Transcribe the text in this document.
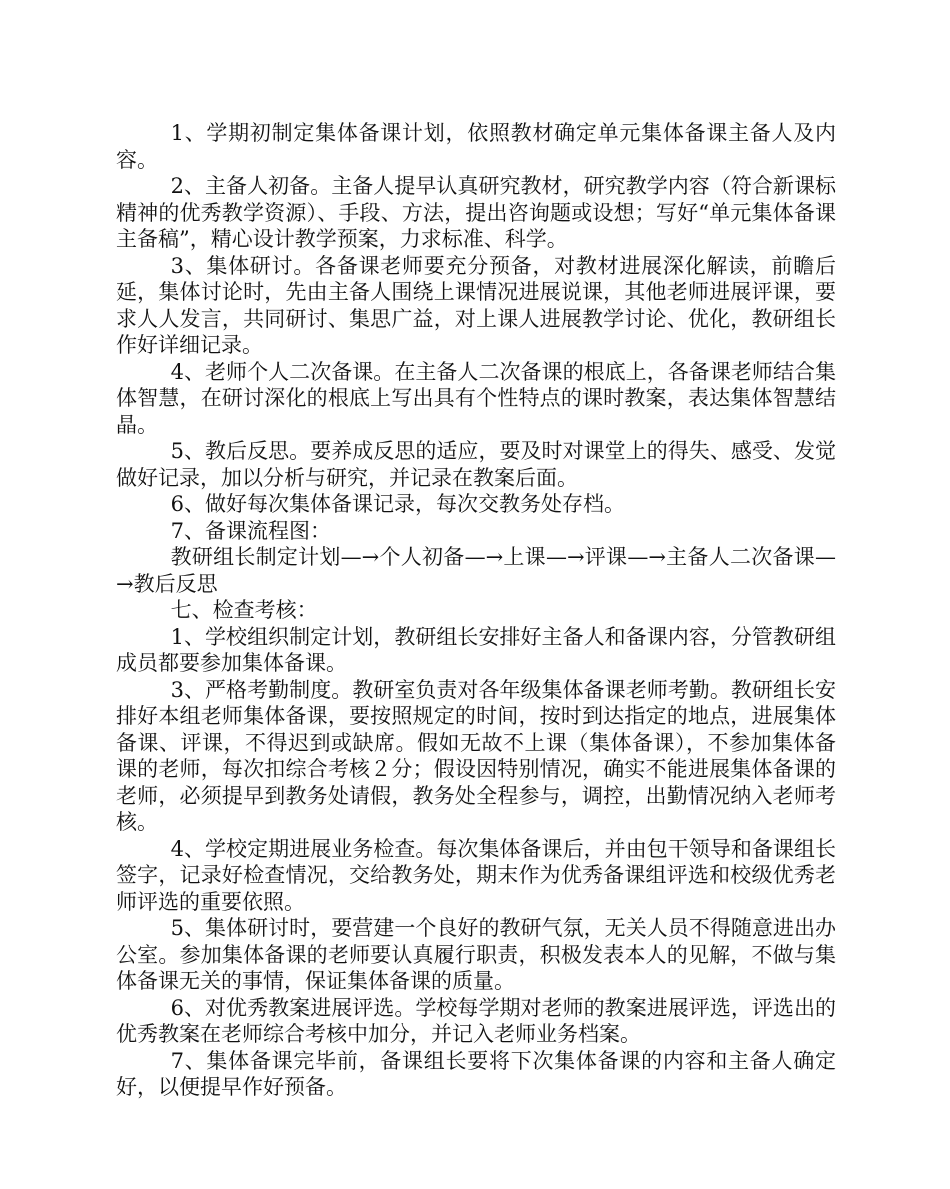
1、学期初制定集体备课计划，依照教材确定单元集体备课主备人及内容。

2、主备人初备。主备人提早认真研究教材，研究教学内容（符合新课标精神的优秀教学资源）、手段、方法，提出咨询题或设想；写好“单元集体备课主备稿”，精心设计教学预案，力求标准、科学。

3、集体研讨。各备课老师要充分预备，对教材进展深化解读，前瞻后延，集体讨论时，先由主备人围绕上课情况进展说课，其他老师进展评课，要求人人发言，共同研讨、集思广益，对上课人进展教学讨论、优化，教研组长作好详细记录。

4、老师个人二次备课。在主备人二次备课的根底上，各备课老师结合集体智慧，在研讨深化的根底上写出具有个性特点的课时教案，表达集体智慧结晶。

5、教后反思。要养成反思的适应，要及时对课堂上的得失、感受、发觉做好记录，加以分析与研究，并记录在教案后面。

6、做好每次集体备课记录，每次交教务处存档。

7、备课流程图：

教研组长制定计划—→个人初备—→上课—→评课—→主备人二次备课—→教后反思

七、检查考核：

1、学校组织制定计划，教研组长安排好主备人和备课内容，分管教研组成员都要参加集体备课。

3、严格考勤制度。教研室负责对各年级集体备课老师考勤。教研组长安排好本组老师集体备课，要按照规定的时间，按时到达指定的地点，进展集体备课、评课，不得迟到或缺席。假如无故不上课（集体备课），不参加集体备课的老师，每次扣综合考核２分；假设因特别情况，确实不能进展集体备课的老师，必须提早到教务处请假，教务处全程参与，调控，出勤情况纳入老师考核。

4、学校定期进展业务检查。每次集体备课后，并由包干领导和备课组长签字，记录好检查情况，交给教务处，期末作为优秀备课组评选和校级优秀老师评选的重要依照。

5、集体研讨时，要营建一个良好的教研气氛，无关人员不得随意进出办公室。参加集体备课的老师要认真履行职责，积极发表本人的见解，不做与集体备课无关的事情，保证集体备课的质量。

6、对优秀教案进展评选。学校每学期对老师的教案进展评选，评选出的优秀教案在老师综合考核中加分，并记入老师业务档案。

7、集体备课完毕前，备课组长要将下次集体备课的内容和主备人确定好，以便提早作好预备。
